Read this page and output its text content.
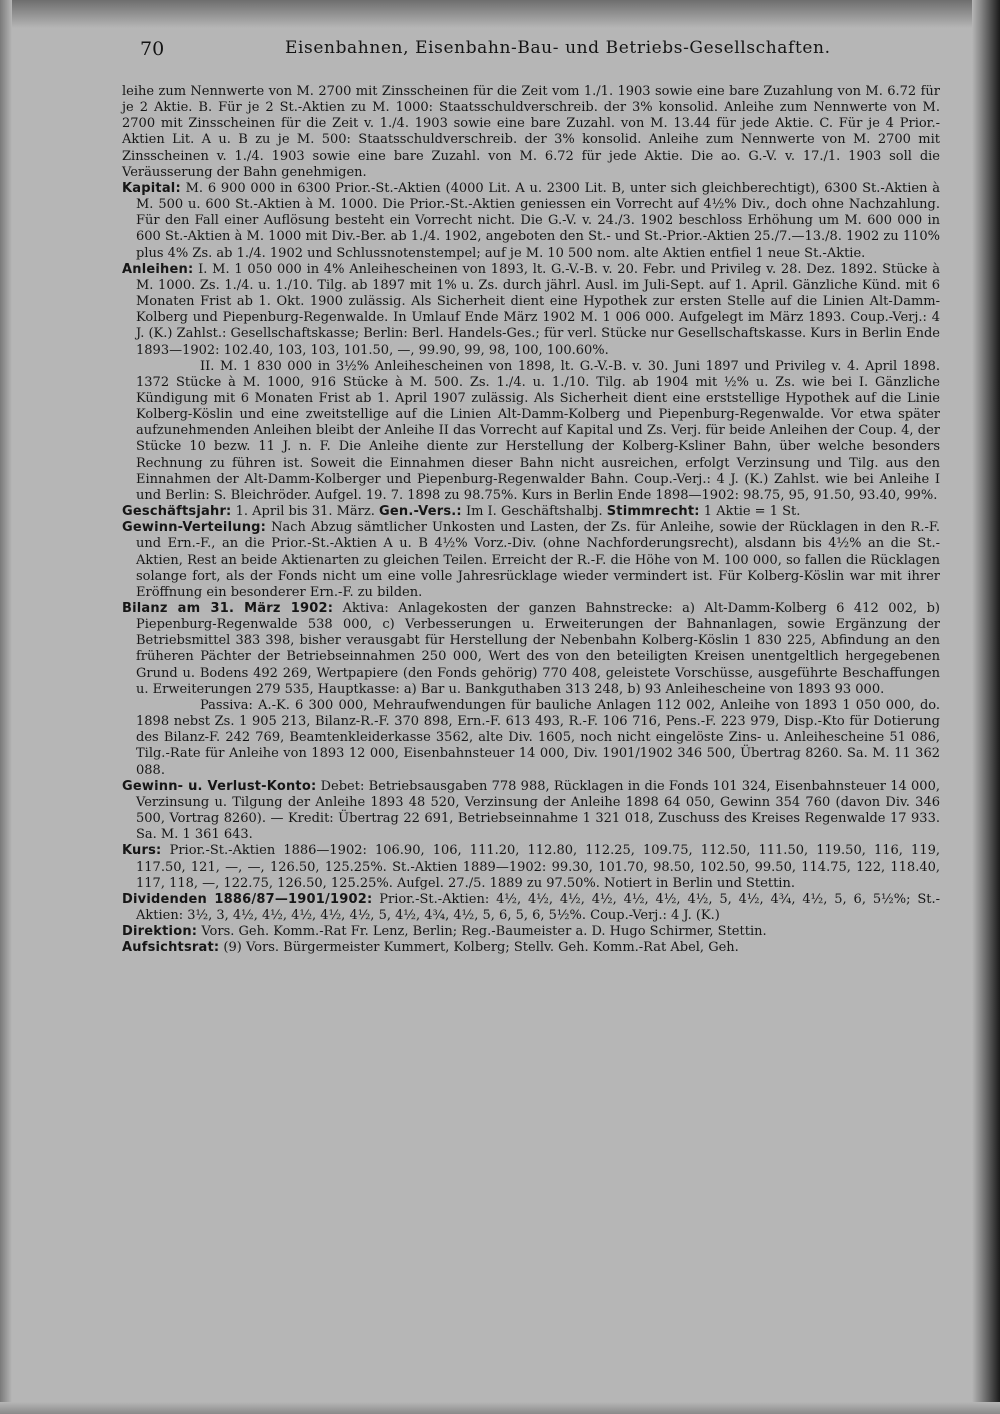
70	Eisenbahnen, Eisenbahn-Bau- und Betriebs-Gesellschaften.

leihe zum Nennwerte von M. 2700 mit Zinsscheinen für die Zeit vom 1./1. 1903 sowie eine bare Zuzahlung von M. 6.72 für je 2 Aktie. B. Für je 2 St.-Aktien zu M. 1000: Staatsschuldverschreib. der 3% konsolid. Anleihe zum Nennwerte von M. 2700 mit Zinsscheinen für die Zeit v. 1./4. 1903 sowie eine bare Zuzahl. von M. 13.44 für jede Aktie. C. Für je 4 Prior.-Aktien Lit. A u. B zu je M. 500: Staatsschuldverschreib. der 3% konsolid. Anleihe zum Nennwerte von M. 2700 mit Zinsscheinen v. 1./4. 1903 sowie eine bare Zuzahl. von M. 6.72 für jede Aktie. Die ao. G.-V. v. 17./1. 1903 soll die Veräusserung der Bahn genehmigen.

Kapital: M. 6 900 000 in 6300 Prior.-St.-Aktien (4000 Lit. A u. 2300 Lit. B, unter sich gleichberechtigt), 6300 St.-Aktien à M. 500 u. 600 St.-Aktien à M. 1000. Die Prior.-St.-Aktien geniessen ein Vorrecht auf 4½% Div., doch ohne Nachzahlung. Für den Fall einer Auflösung besteht ein Vorrecht nicht. Die G.-V. v. 24./3. 1902 beschloss Erhöhung um M. 600 000 in 600 St.-Aktien à M. 1000 mit Div.-Ber. ab 1./4. 1902, angeboten den St.- und St.-Prior.-Aktien 25./7.—13./8. 1902 zu 110% plus 4% Zs. ab 1./4. 1902 und Schlussnotenstempel; auf je M. 10 500 nom. alte Aktien entfiel 1 neue St.-Aktie.

Anleihen: I. M. 1 050 000 in 4% Anleihescheinen von 1893, lt. G.-V.-B. v. 20. Febr. und Privileg v. 28. Dez. 1892. Stücke à M. 1000. Zs. 1./4. u. 1./10. Tilg. ab 1897 mit 1% u. Zs. durch jährl. Ausl. im Juli-Sept. auf 1. April. Gänzliche Künd. mit 6 Monaten Frist ab 1. Okt. 1900 zulässig. Als Sicherheit dient eine Hypothek zur ersten Stelle auf die Linien Alt-Damm-Kolberg und Piepenburg-Regenwalde. In Umlauf Ende März 1902 M. 1 006 000. Aufgelegt im März 1893. Coup.-Verj.: 4 J. (K.) Zahlst.: Gesellschaftskasse; Berlin: Berl. Handels-Ges.; für verl. Stücke nur Gesellschaftskasse. Kurs in Berlin Ende 1893—1902: 102.40, 103, 103, 101.50, —, 99.90, 99, 98, 100, 100.60%.

II. M. 1 830 000 in 3½% Anleihescheinen von 1898, lt. G.-V.-B. v. 30. Juni 1897 und Privileg v. 4. April 1898. 1372 Stücke à M. 1000, 916 Stücke à M. 500. Zs. 1./4. u. 1./10. Tilg. ab 1904 mit ½% u. Zs. wie bei I. Gänzliche Kündigung mit 6 Monaten Frist ab 1. April 1907 zulässig. Als Sicherheit dient eine erststellige Hypothek auf die Linie Kolberg-Köslin und eine zweitstellige auf die Linien Alt-Damm-Kolberg und Piepenburg-Regenwalde. Vor etwa später aufzunehmenden Anleihen bleibt der Anleihe II das Vorrecht auf Kapital und Zs. Verj. für beide Anleihen der Coup. 4, der Stücke 10 bezw. 11 J. n. F. Die Anleihe diente zur Herstellung der Kolberg-Ksliner Bahn, über welche besonders Rechnung zu führen ist. Soweit die Einnahmen dieser Bahn nicht ausreichen, erfolgt Verzinsung und Tilg. aus den Einnahmen der Alt-Damm-Kolberger und Piepenburg-Regenwalder Bahn. Coup.-Verj.: 4 J. (K.) Zahlst. wie bei Anleihe I und Berlin: S. Bleichröder. Aufgel. 19. 7. 1898 zu 98.75%. Kurs in Berlin Ende 1898—1902: 98.75, 95, 91.50, 93.40, 99%.

Geschäftsjahr: 1. April bis 31. März. Gen.-Vers.: Im I. Geschäftshalbj. Stimmrecht: 1 Aktie = 1 St.

Gewinn-Verteilung: Nach Abzug sämtlicher Unkosten und Lasten, der Zs. für Anleihe, sowie der Rücklagen in den R.-F. und Ern.-F., an die Prior.-St.-Aktien A u. B 4½% Vorz.-Div. (ohne Nachforderungsrecht), alsdann bis 4½% an die St.-Aktien, Rest an beide Aktienarten zu gleichen Teilen. Erreicht der R.-F. die Höhe von M. 100 000, so fallen die Rücklagen solange fort, als der Fonds nicht um eine volle Jahresrücklage wieder vermindert ist. Für Kolberg-Köslin war mit ihrer Eröffnung ein besonderer Ern.-F. zu bilden.

Bilanz am 31. März 1902: Aktiva: Anlagekosten der ganzen Bahnstrecke: a) Alt-Damm-Kolberg 6 412 002, b) Piepenburg-Regenwalde 538 000, c) Verbesserungen u. Erweiterungen der Bahnanlagen, sowie Ergänzung der Betriebsmittel 383 398, bisher verausgabt für Herstellung der Nebenbahn Kolberg-Köslin 1 830 225, Abfindung an den früheren Pächter der Betriebseinnahmen 250 000, Wert des von den beteiligten Kreisen unentgeltlich hergegebenen Grund u. Bodens 492 269, Wertpapiere (den Fonds gehörig) 770 408, geleistete Vorschüsse, ausgeführte Beschaffungen u. Erweiterungen 279 535, Hauptkasse: a) Bar u. Bankguthaben 313 248, b) 93 Anleihescheine von 1893 93 000.

Passiva: A.-K. 6 300 000, Mehraufwendungen für bauliche Anlagen 112 002, Anleihe von 1893 1 050 000, do. 1898 nebst Zs. 1 905 213, Bilanz-R.-F. 370 898, Ern.-F. 613 493, R.-F. 106 716, Pens.-F. 223 979, Disp.-Kto für Dotierung des Bilanz-F. 242 769, Beamtenkleiderkasse 3562, alte Div. 1605, noch nicht eingelöste Zins- u. Anleihescheine 51 086, Tilg.-Rate für Anleihe von 1893 12 000, Eisenbahnsteuer 14 000, Div. 1901/1902 346 500, Übertrag 8260. Sa. M. 11 362 088.

Gewinn- u. Verlust-Konto: Debet: Betriebsausgaben 778 988, Rücklagen in die Fonds 101 324, Eisenbahnsteuer 14 000, Verzinsung u. Tilgung der Anleihe 1893 48 520, Verzinsung der Anleihe 1898 64 050, Gewinn 354 760 (davon Div. 346 500, Vortrag 8260). — Kredit: Übertrag 22 691, Betriebseinnahme 1 321 018, Zuschuss des Kreises Regenwalde 17 933. Sa. M. 1 361 643.

Kurs: Prior.-St.-Aktien 1886—1902: 106.90, 106, 111.20, 112.80, 112.25, 109.75, 112.50, 111.50, 119.50, 116, 119, 117.50, 121, —, —, 126.50, 125.25%. St.-Aktien 1889—1902: 99.30, 101.70, 98.50, 102.50, 99.50, 114.75, 122, 118.40, 117, 118, —, 122.75, 126.50, 125.25%. Aufgel. 27./5. 1889 zu 97.50%. Notiert in Berlin und Stettin.

Dividenden 1886/87—1901/1902: Prior.-St.-Aktien: 4½, 4½, 4½, 4½, 4½, 4½, 4½, 5, 4½, 4¾, 4½, 5, 6, 5½%; St.-Aktien: 3½, 3, 4½, 4½, 4½, 4½, 4½, 5, 4½, 4¾, 4½, 5, 6, 5, 6, 5½%. Coup.-Verj.: 4 J. (K.)

Direktion: Vors. Geh. Komm.-Rat Fr. Lenz, Berlin; Reg.-Baumeister a. D. Hugo Schirmer, Stettin.

Aufsichtsrat: (9) Vors. Bürgermeister Kummert, Kolberg; Stellv. Geh. Komm.-Rat Abel, Geh.
